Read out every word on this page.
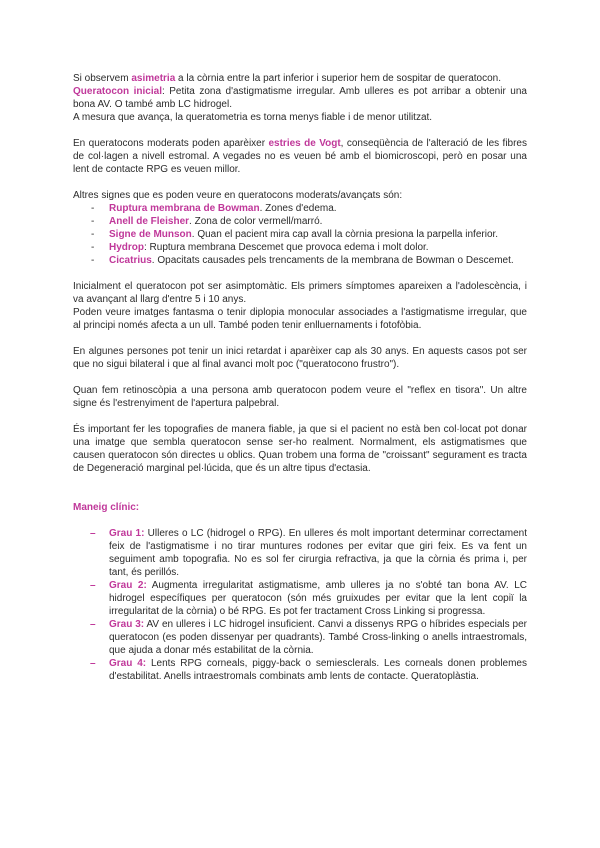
Si observem asimetria a la còrnia entre la part inferior i superior hem de sospitar de queratocon.

Queratocon inicial: Petita zona d'astigmatisme irregular. Amb ulleres es pot arribar a obtenir una bona AV. O també amb LC hidrogel.

A mesura que avança, la queratometria es torna menys fiable i de menor utilitzat.

En queratocons moderats poden aparèixer estries de Vogt, conseqüència de l'alteració de les fibres de col·lagen a nivell estromal. A vegades no es veuen bé amb el biomicroscopi, però en posar una lent de contacte RPG es veuen millor.

Altres signes que es poden veure en queratocons moderats/avançats són:

- Ruptura membrana de Bowman. Zones d'edema.
- Anell de Fleisher. Zona de color vermell/marró.
- Signe de Munson. Quan el pacient mira cap avall la còrnia presiona la parpella inferior.
- Hydrop: Ruptura membrana Descemet que provoca edema i molt dolor.
- Cicatrius. Opacitats causades pels trencaments de la membrana de Bowman o Descemet.

Inicialment el queratocon pot ser asimptomàtic. Els primers símptomes apareixen a l'adolescència, i va avançant al llarg d'entre 5 i 10 anys.

Poden veure imatges fantasma o tenir diplopia monocular associades a l'astigmatisme irregular, que al principi només afecta a un ull. També poden tenir enlluernaments i fotofòbia.

En algunes persones pot tenir un inici retardat i aparèixer cap als 30 anys. En aquests casos pot ser que no sigui bilateral i que al final avanci molt poc ("queratocono frustro").

Quan fem retinoscòpia a una persona amb queratocon podem veure el "reflex en tisora". Un altre signe és l'estrenyiment de l'apertura palpebral.

És important fer les topografies de manera fiable, ja que si el pacient no està ben col·locat pot donar una imatge que sembla queratocon sense ser-ho realment. Normalment, els astigmatismes que causen queratocon són directes u oblics. Quan trobem una forma de "croissant" segurament es tracta de Degeneració marginal pel·lúcida, que és un altre tipus d'ectasia.

Maneig clínic:

– Grau 1: Ulleres o LC (hidrogel o RPG). En ulleres és molt important determinar correctament feix de l'astigmatisme i no tirar muntures rodones per evitar que giri feix. Es va fent un seguiment amb topografia. No es sol fer cirurgia refractiva, ja que la còrnia és prima i, per tant, és perillós.
– Grau 2: Augmenta irregularitat astigmatisme, amb ulleres ja no s'obté tan bona AV. LC hidrogel específiques per queratocon (són més gruixudes per evitar que la lent copiï la irregularitat de la còrnia) o bé RPG. Es pot fer tractament Cross Linking si progressa.
– Grau 3: AV en ulleres i LC hidrogel insuficient. Canvi a dissenys RPG o híbrides especials per queratocon (es poden dissenyar per quadrants). També Cross-linking o anells intraestromals, que ajuda a donar més estabilitat de la còrnia.
– Grau 4: Lents RPG corneals, piggy-back o semiesclerals. Les corneals donen problemes d'estabilitat. Anells intraestromals combinats amb lents de contacte. Queratoplàstia.
